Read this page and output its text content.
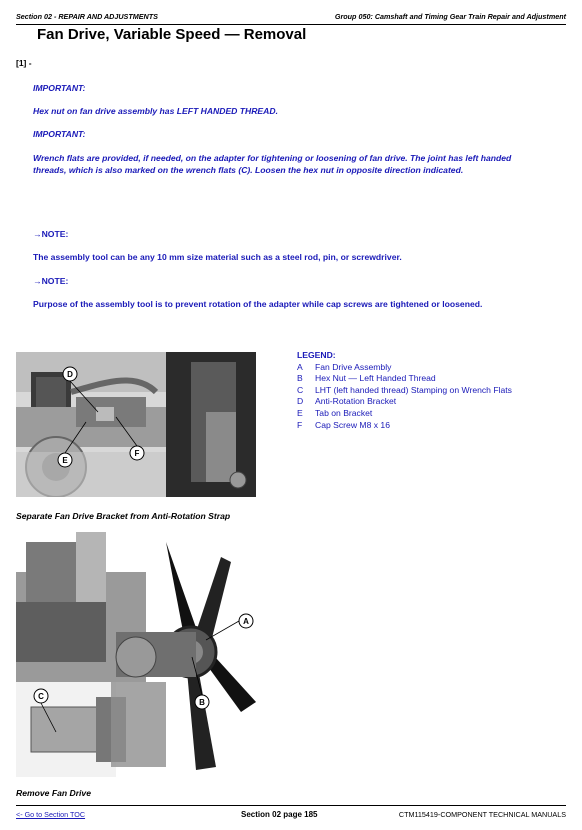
Section 02 - REPAIR AND ADJUSTMENTS	Group 050: Camshaft and Timing Gear Train Repair and Adjustment
Fan Drive, Variable Speed — Removal
[1] -
IMPORTANT:
Hex nut on fan drive assembly has LEFT HANDED THREAD.
IMPORTANT:
Wrench flats are provided, if needed, on the adapter for tightening or loosening of fan drive. The joint has left handed threads, which is also marked on the wrench flats (C). Loosen the hex nut in opposite direction indicated.
→NOTE:
The assembly tool can be any 10 mm size material such as a steel rod, pin, or screwdriver.
→NOTE:
Purpose of the assembly tool is to prevent rotation of the adapter while cap screws are tightened or loosened.
D
E
F
LEGEND:
A Fan Drive Assembly
B Hex Nut — Left Handed Thread
C LHT (left handed thread) Stamping on Wrench Flats
D Anti-Rotation Bracket
E Tab on Bracket
F Cap Screw M8 x 16
Separate Fan Drive Bracket from Anti-Rotation Strap
A
B
C
Remove Fan Drive
<- Go to Section TOC	Section 02 page 185	CTM115419-COMPONENT TECHNICAL MANUALS
